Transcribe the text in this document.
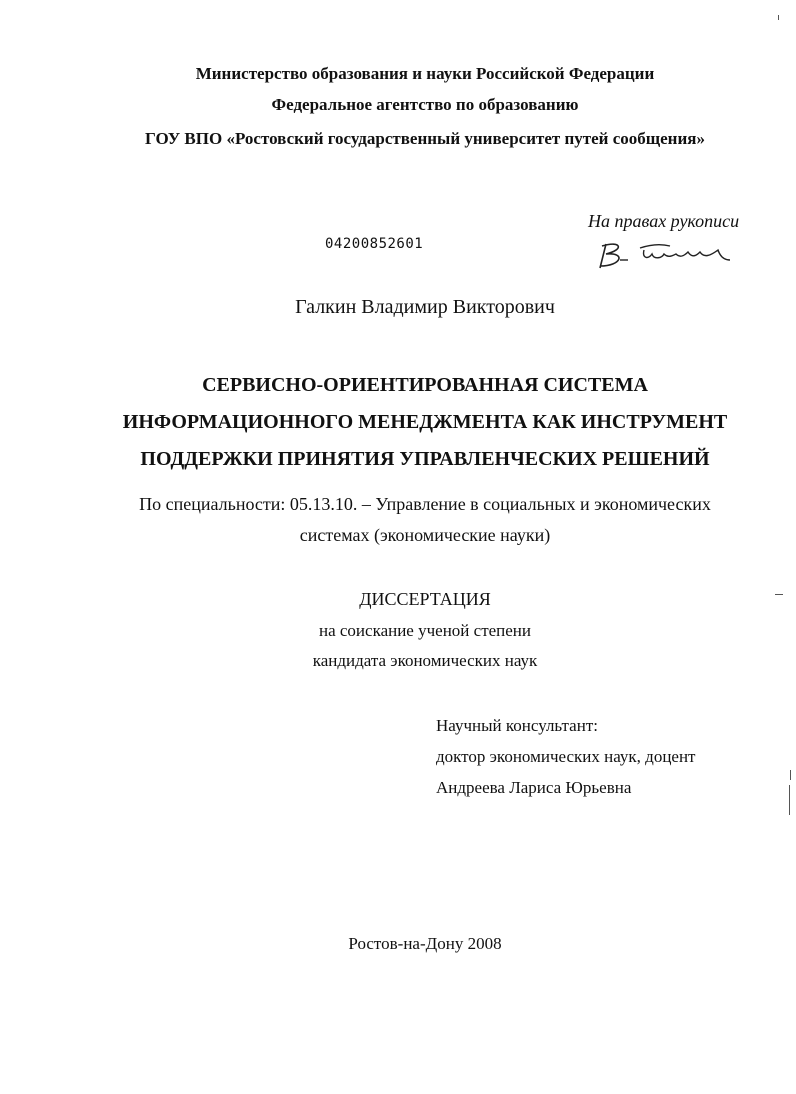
Министерство образования и науки Российской Федерации
Федеральное агентство по образованию
ГОУ ВПО «Ростовский государственный университет путей сообщения»
На правах рукописи
04200852601
Галкин Владимир Викторович
СЕРВИСНО-ОРИЕНТИРОВАННАЯ СИСТЕМА
ИНФОРМАЦИОННОГО МЕНЕДЖМЕНТА КАК ИНСТРУМЕНТ
ПОДДЕРЖКИ ПРИНЯТИЯ УПРАВЛЕНЧЕСКИХ РЕШЕНИЙ
По специальности: 05.13.10. – Управление в социальных и экономических
системах (экономические науки)
ДИССЕРТАЦИЯ
на соискание ученой степени
кандидата экономических наук
Научный консультант:
доктор экономических наук, доцент
Андреева Лариса Юрьевна
Ростов-на-Дону 2008
